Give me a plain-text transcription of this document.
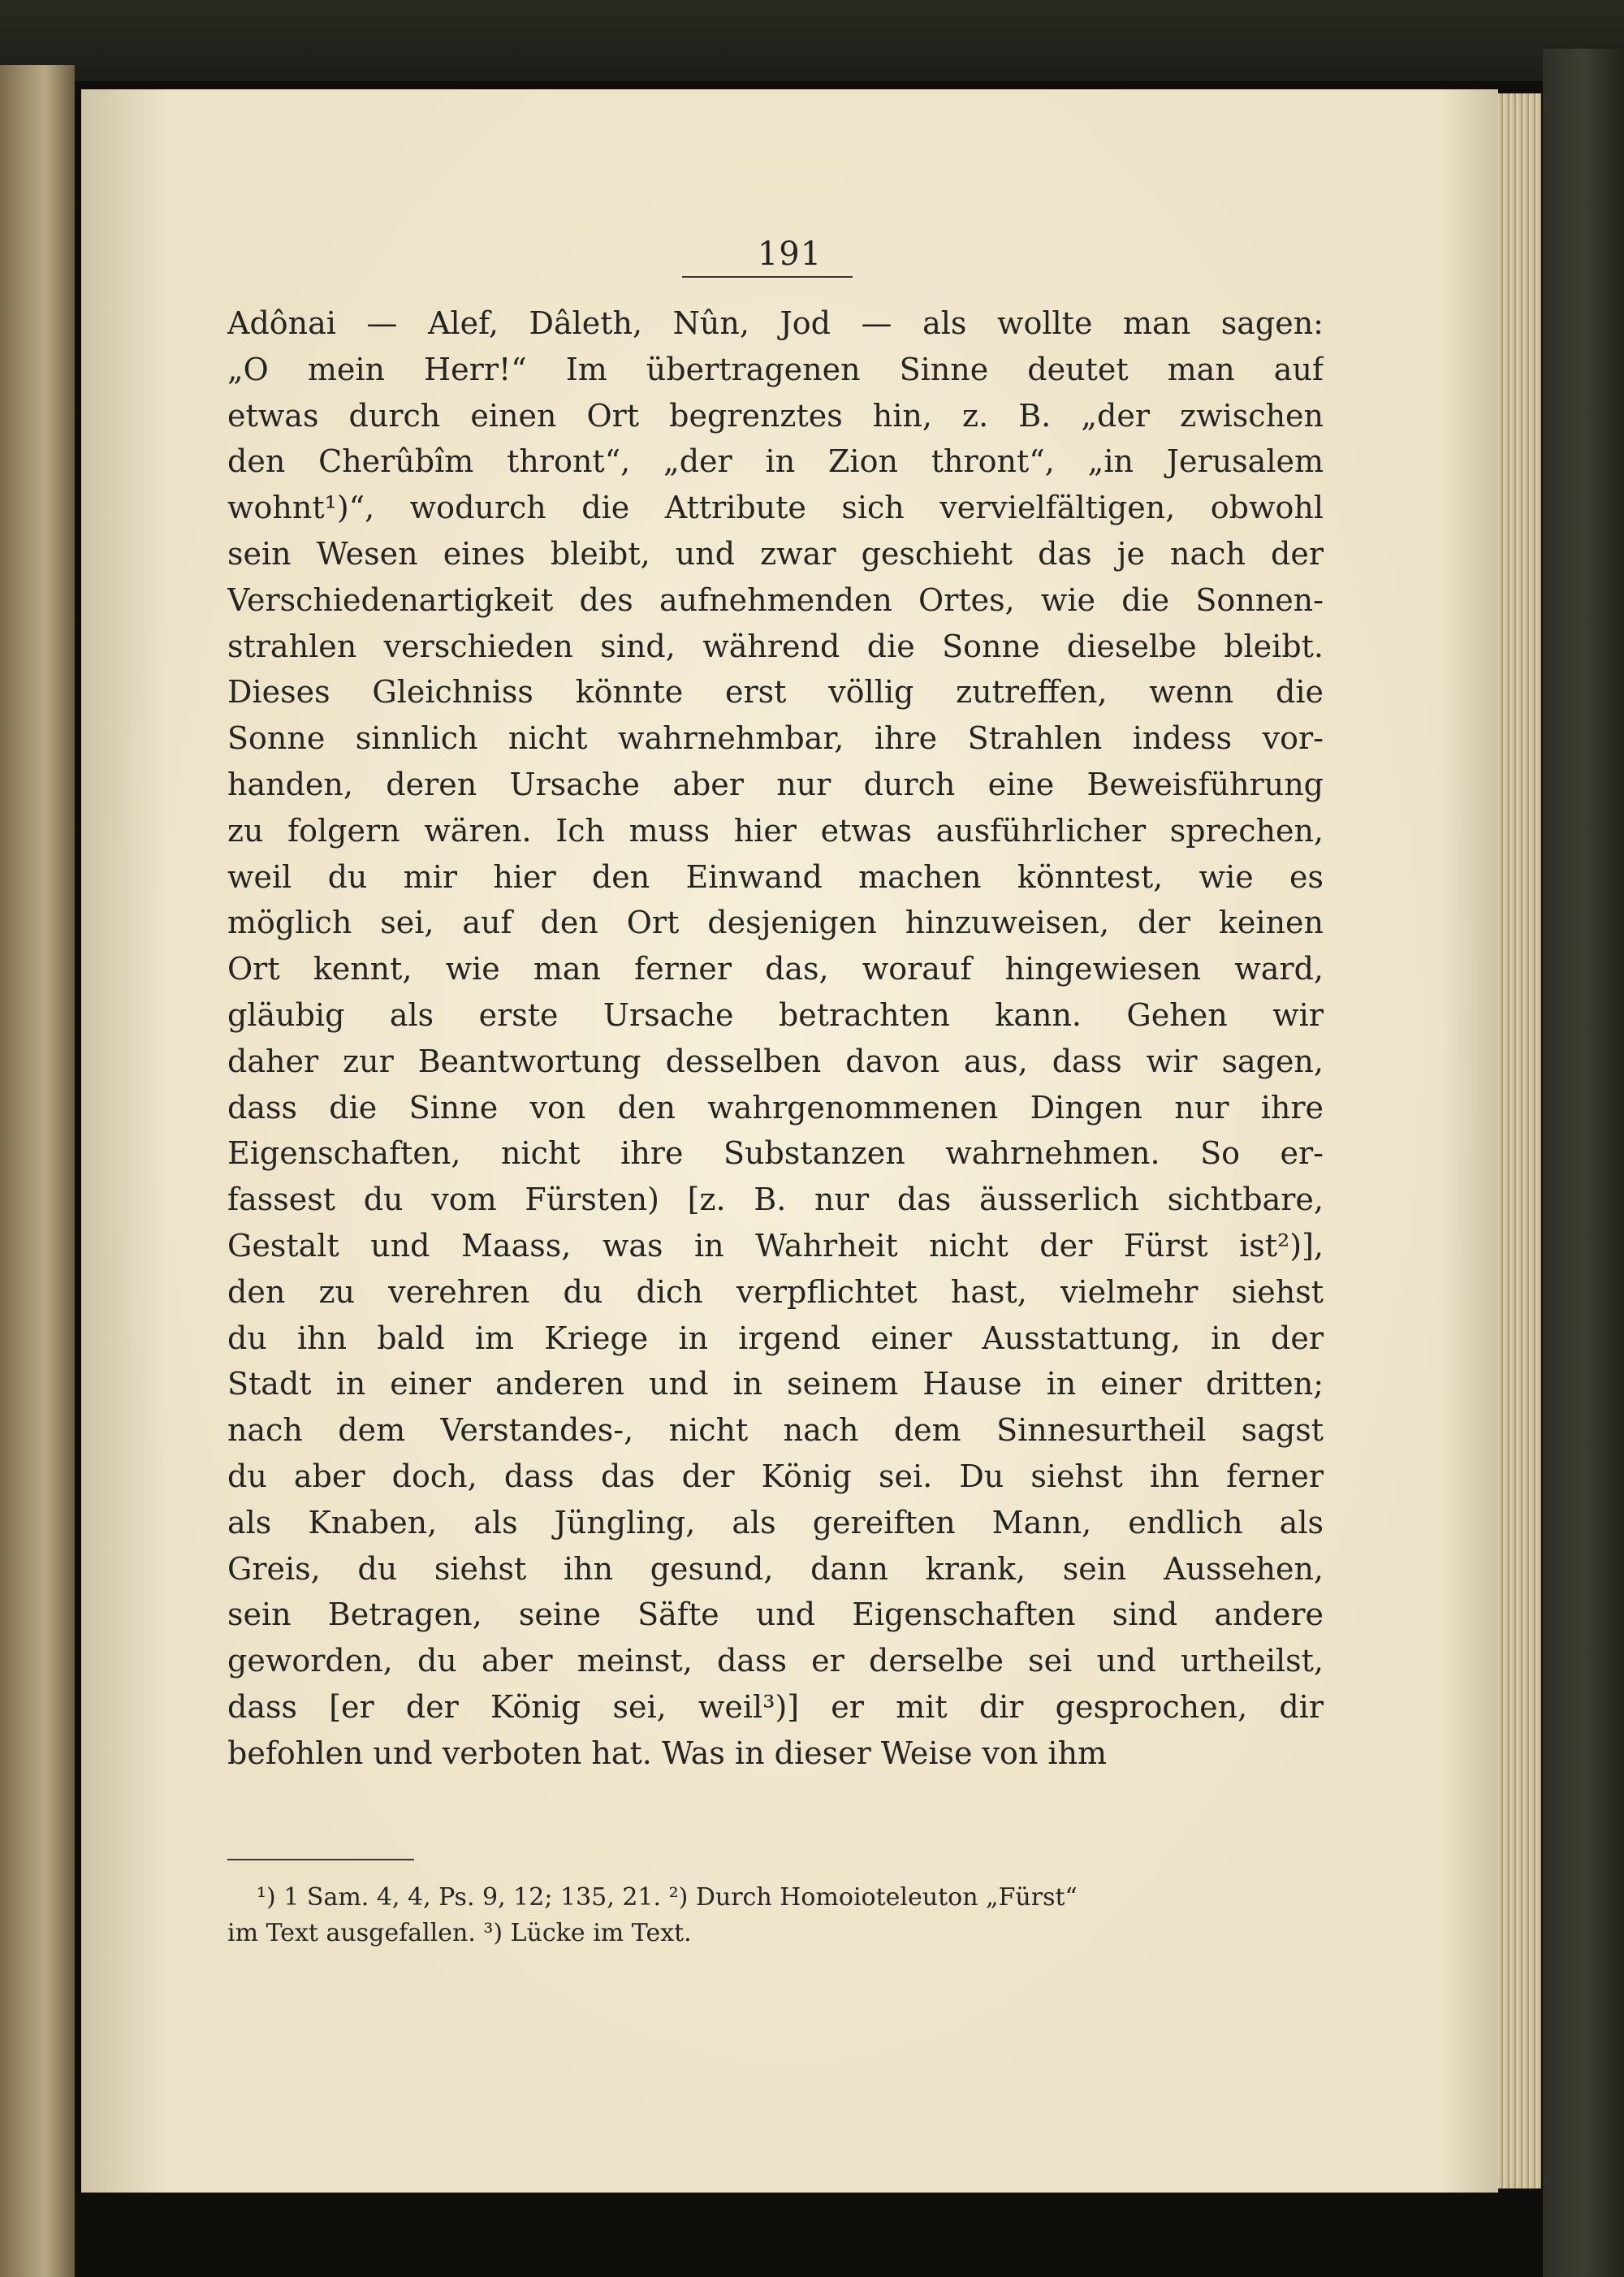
191
Adônai — Alef, Dâleth, Nûn, Jod — als wollte man sagen:
„O mein Herr!“ Im übertragenen Sinne deutet man auf
etwas durch einen Ort begrenztes hin, z. B. „der zwischen
den Cherûbîm thront“, „der in Zion thront“, „in Jerusalem
wohnt¹)“, wodurch die Attribute sich vervielfältigen, obwohl
sein Wesen eines bleibt, und zwar geschieht das je nach der
Verschiedenartigkeit des aufnehmenden Ortes, wie die Sonnen-
strahlen verschieden sind, während die Sonne dieselbe bleibt.
Dieses Gleichniss könnte erst völlig zutreffen, wenn die
Sonne sinnlich nicht wahrnehmbar, ihre Strahlen indess vor-
handen, deren Ursache aber nur durch eine Beweisführung
zu folgern wären. Ich muss hier etwas ausführlicher sprechen,
weil du mir hier den Einwand machen könntest, wie es
möglich sei, auf den Ort desjenigen hinzuweisen, der keinen
Ort kennt, wie man ferner das, worauf hingewiesen ward,
gläubig als erste Ursache betrachten kann. Gehen wir
daher zur Beantwortung desselben davon aus, dass wir sagen,
dass die Sinne von den wahrgenommenen Dingen nur ihre
Eigenschaften, nicht ihre Substanzen wahrnehmen. So er-
fassest du vom Fürsten) [z. B. nur das äusserlich sichtbare,
Gestalt und Maass, was in Wahrheit nicht der Fürst ist²)],
den zu verehren du dich verpflichtet hast, vielmehr siehst
du ihn bald im Kriege in irgend einer Ausstattung, in der
Stadt in einer anderen und in seinem Hause in einer dritten;
nach dem Verstandes-, nicht nach dem Sinnesurtheil sagst
du aber doch, dass das der König sei. Du siehst ihn ferner
als Knaben, als Jüngling, als gereiften Mann, endlich als
Greis, du siehst ihn gesund, dann krank, sein Aussehen,
sein Betragen, seine Säfte und Eigenschaften sind andere
geworden, du aber meinst, dass er derselbe sei und urtheilst,
dass [er der König sei, weil³)] er mit dir gesprochen, dir
befohlen und verboten hat. Was in dieser Weise von ihm
¹) 1 Sam. 4, 4, Ps. 9, 12; 135, 21. ²) Durch Homoioteleuton „Fürst“
im Text ausgefallen. ³) Lücke im Text.
